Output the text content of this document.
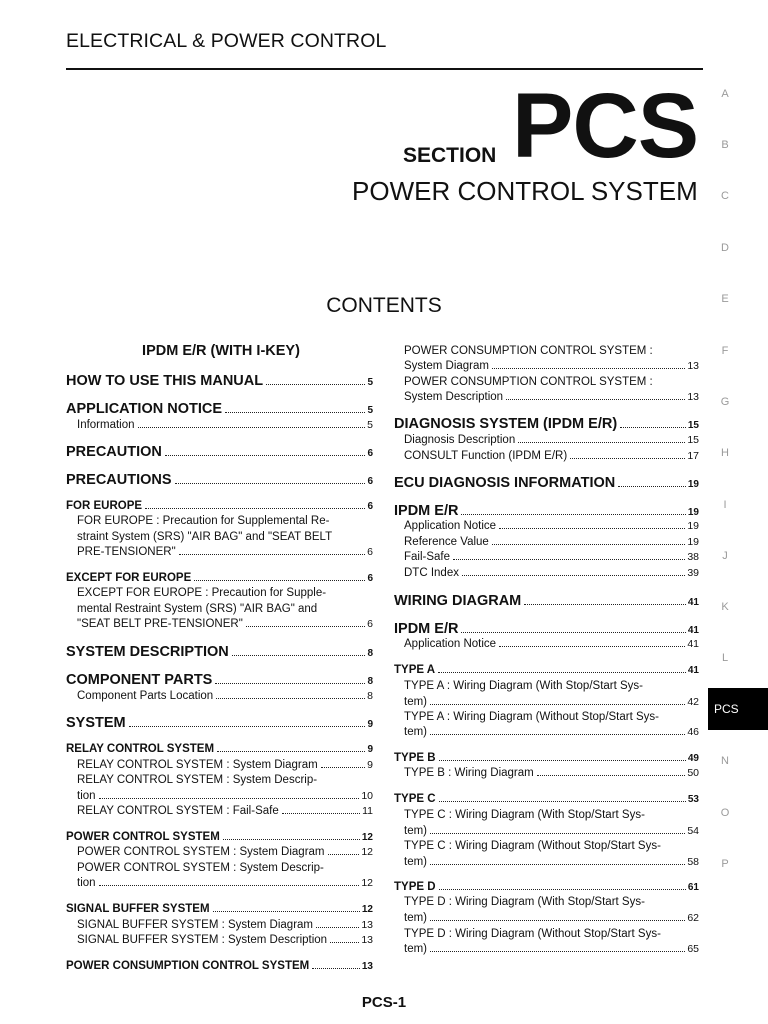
ELECTRICAL & POWER CONTROL
SECTION PCS
POWER CONTROL SYSTEM
CONTENTS
IPDM E/R (WITH I-KEY)
HOW TO USE THIS MANUAL	5
APPLICATION NOTICE	5
Information	5
PRECAUTION	6
PRECAUTIONS	6
FOR EUROPE	6
FOR EUROPE : Precaution for Supplemental Re-
straint System (SRS) "AIR BAG" and "SEAT BELT
PRE-TENSIONER"	6
EXCEPT FOR EUROPE	6
EXCEPT FOR EUROPE : Precaution for Supple-
mental Restraint System (SRS) "AIR BAG" and
"SEAT BELT PRE-TENSIONER"	6
SYSTEM DESCRIPTION	8
COMPONENT PARTS	8
Component Parts Location	8
SYSTEM	9
RELAY CONTROL SYSTEM	9
RELAY CONTROL SYSTEM : System Diagram	9
RELAY CONTROL SYSTEM : System Descrip-
tion	10
RELAY CONTROL SYSTEM : Fail-Safe	11
POWER CONTROL SYSTEM	12
POWER CONTROL SYSTEM : System Diagram	12
POWER CONTROL SYSTEM : System Descrip-
tion	12
SIGNAL BUFFER SYSTEM	12
SIGNAL BUFFER SYSTEM : System Diagram	13
SIGNAL BUFFER SYSTEM : System Description	13
POWER CONSUMPTION CONTROL SYSTEM	13
POWER CONSUMPTION CONTROL SYSTEM :
System Diagram	13
POWER CONSUMPTION CONTROL SYSTEM :
System Description	13
DIAGNOSIS SYSTEM (IPDM E/R)	15
Diagnosis Description	15
CONSULT Function (IPDM E/R)	17
ECU DIAGNOSIS INFORMATION	19
IPDM E/R	19
Application Notice	19
Reference Value	19
Fail-Safe	38
DTC Index	39
WIRING DIAGRAM	41
IPDM E/R	41
Application Notice	41
TYPE A	41
TYPE A : Wiring Diagram (With Stop/Start Sys-
tem)	42
TYPE A : Wiring Diagram (Without Stop/Start Sys-
tem)	46
TYPE B	49
TYPE B : Wiring Diagram	50
TYPE C	53
TYPE C : Wiring Diagram (With Stop/Start Sys-
tem)	54
TYPE C : Wiring Diagram (Without Stop/Start Sys-
tem)	58
TYPE D	61
TYPE D : Wiring Diagram (With Stop/Start Sys-
tem)	62
TYPE D : Wiring Diagram (Without Stop/Start Sys-
tem)	65
A
B
C
D
E
F
G
H
I
J
K
L
N
O
P
PCS
PCS-1
